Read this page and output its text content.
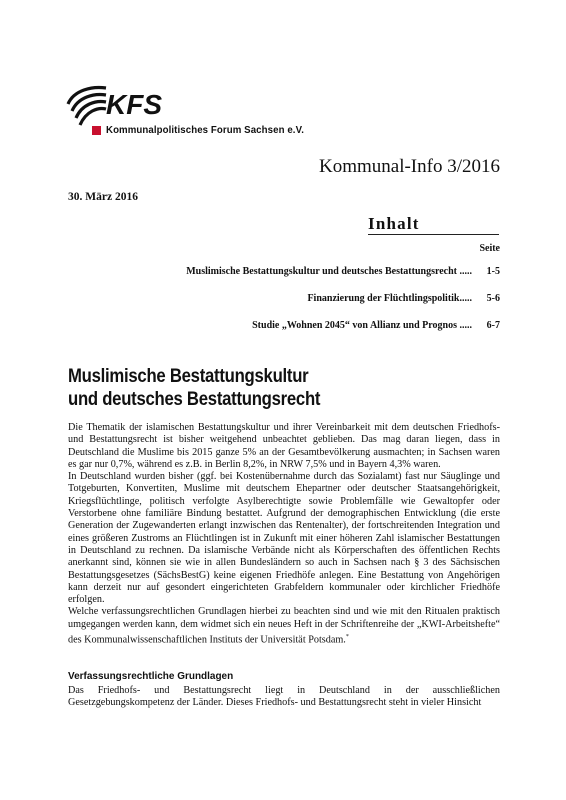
KFS
Kommunalpolitisches Forum Sachsen e.V.
Kommunal-Info 3/2016
30. März 2016
Inhalt
Seite
Muslimische Bestattungskultur und deutsches Bestattungsrecht .....	1-5
Finanzierung der Flüchtlingspolitik.....	5-6
Studie „Wohnen 2045“ von Allianz und Prognos .....	6-7
Muslimische Bestattungskultur
und deutsches Bestattungsrecht

Die Thematik der islamischen Bestattungskultur und ihrer Vereinbarkeit mit dem deutschen Friedhofs- und Bestattungsrecht ist bisher weitgehend unbeachtet geblieben. Das mag daran liegen, dass in Deutschland die Muslime bis 2015 ganze 5% an der Gesamtbevölkerung ausmachten; in Sachsen waren es gar nur 0,7%, während es z.B. in Berlin 8,2%, in NRW 7,5% und in Bayern 4,3% waren.

In Deutschland wurden bisher (ggf. bei Kostenübernahme durch das Sozialamt) fast nur Säuglinge und Totgeburten, Konvertiten, Muslime mit deutschem Ehepartner oder deutscher Staatsangehörigkeit, Kriegsflüchtlinge, politisch verfolgte Asylberechtigte sowie Problemfälle wie Gewaltopfer oder Verstorbene ohne familiäre Bindung bestattet. Aufgrund der demographischen Entwicklung (die erste Generation der Zugewanderten erlangt inzwischen das Rentenalter), der fortschreitenden Integration und eines größeren Zustroms an Flüchtlingen ist in Zukunft mit einer höheren Zahl islamischer Bestattungen in Deutschland zu rechnen. Da islamische Verbände nicht als Körperschaften des öffentlichen Rechts anerkannt sind, können sie wie in allen Bundesländern so auch in Sachsen nach § 3 des Sächsischen Bestattungsgesetzes (SächsBestG) keine eigenen Friedhöfe anlegen. Eine Bestattung von Angehörigen kann derzeit nur auf gesondert eingerichteten Grabfeldern kommunaler oder kirchlicher Friedhöfe erfolgen.

Welche verfassungsrechtlichen Grundlagen hierbei zu beachten sind und wie mit den Ritualen praktisch umgegangen werden kann, dem widmet sich ein neues Heft in der Schriftenreihe der „KWI-Arbeitshefte“ des Kommunalwissenschaftlichen Instituts der Universität Potsdam.*

Verfassungsrechtliche Grundlagen

Das Friedhofs- und Bestattungsrecht liegt in Deutschland in der ausschließlichen Gesetzgebungskompetenz der Länder. Dieses Friedhofs- und Bestattungsrecht steht in vieler Hinsicht
